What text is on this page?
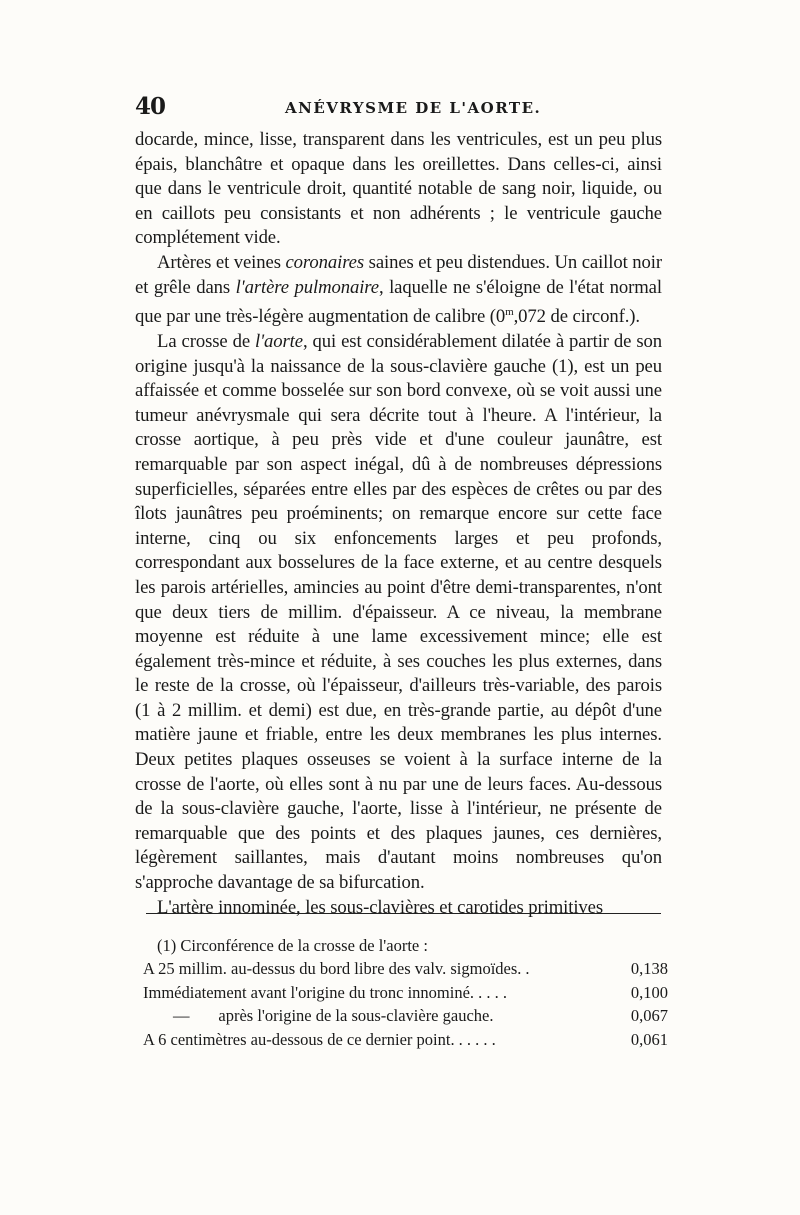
40	ANÉVRYSME DE L'AORTE.

docarde, mince, lisse, transparent dans les ventricules, est un peu plus épais, blanchâtre et opaque dans les oreillettes. Dans celles-ci, ainsi que dans le ventricule droit, quantité notable de sang noir, liquide, ou en caillots peu consistants et non adhérents ; le ventricule gauche complétement vide.

Artères et veines coronaires saines et peu distendues. Un caillot noir et grêle dans l'artère pulmonaire, laquelle ne s'éloigne de l'état normal que par une très-légère augmentation de calibre (0$^m$,072 de circonf.).

La crosse de l'aorte, qui est considérablement dilatée à partir de son origine jusqu'à la naissance de la sous-clavière gauche (1), est un peu affaissée et comme bosselée sur son bord convexe, où se voit aussi une tumeur anévrysmale qui sera décrite tout à l'heure. A l'intérieur, la crosse aortique, à peu près vide et d'une couleur jaunâtre, est remarquable par son aspect inégal, dû à de nombreuses dépressions superficielles, séparées entre elles par des espèces de crêtes ou par des îlots jaunâtres peu proéminents; on remarque encore sur cette face interne, cinq ou six enfoncements larges et peu profonds, correspondant aux bosselures de la face externe, et au centre desquels les parois artérielles, amincies au point d'être demi-transparentes, n'ont que deux tiers de millim. d'épaisseur. A ce niveau, la membrane moyenne est réduite à une lame excessivement mince; elle est également très-mince et réduite, à ses couches les plus externes, dans le reste de la crosse, où l'épaisseur, d'ailleurs très-variable, des parois (1 à 2 millim. et demi) est due, en très-grande partie, au dépôt d'une matière jaune et friable, entre les deux membranes les plus internes. Deux petites plaques osseuses se voient à la surface interne de la crosse de l'aorte, où elles sont à nu par une de leurs faces. Au-dessous de la sous-clavière gauche, l'aorte, lisse à l'intérieur, ne présente de remarquable que des points et des plaques jaunes, ces dernières, légèrement saillantes, mais d'autant moins nombreuses qu'on s'approche davantage de sa bifurcation.

L'artère innominée, les sous-clavières et carotides primitives

(1) Circonférence de la crosse de l'aorte :
A 25 millim. au-dessus du bord libre des valv. sigmoïdes. .	0,138
Immédiatement avant l'origine du tronc innominé. . . . .	0,100
—       après l'origine de la sous-clavière gauche.	0,067
A 6 centimètres au-dessous de ce dernier point. . . . . .	0,061
